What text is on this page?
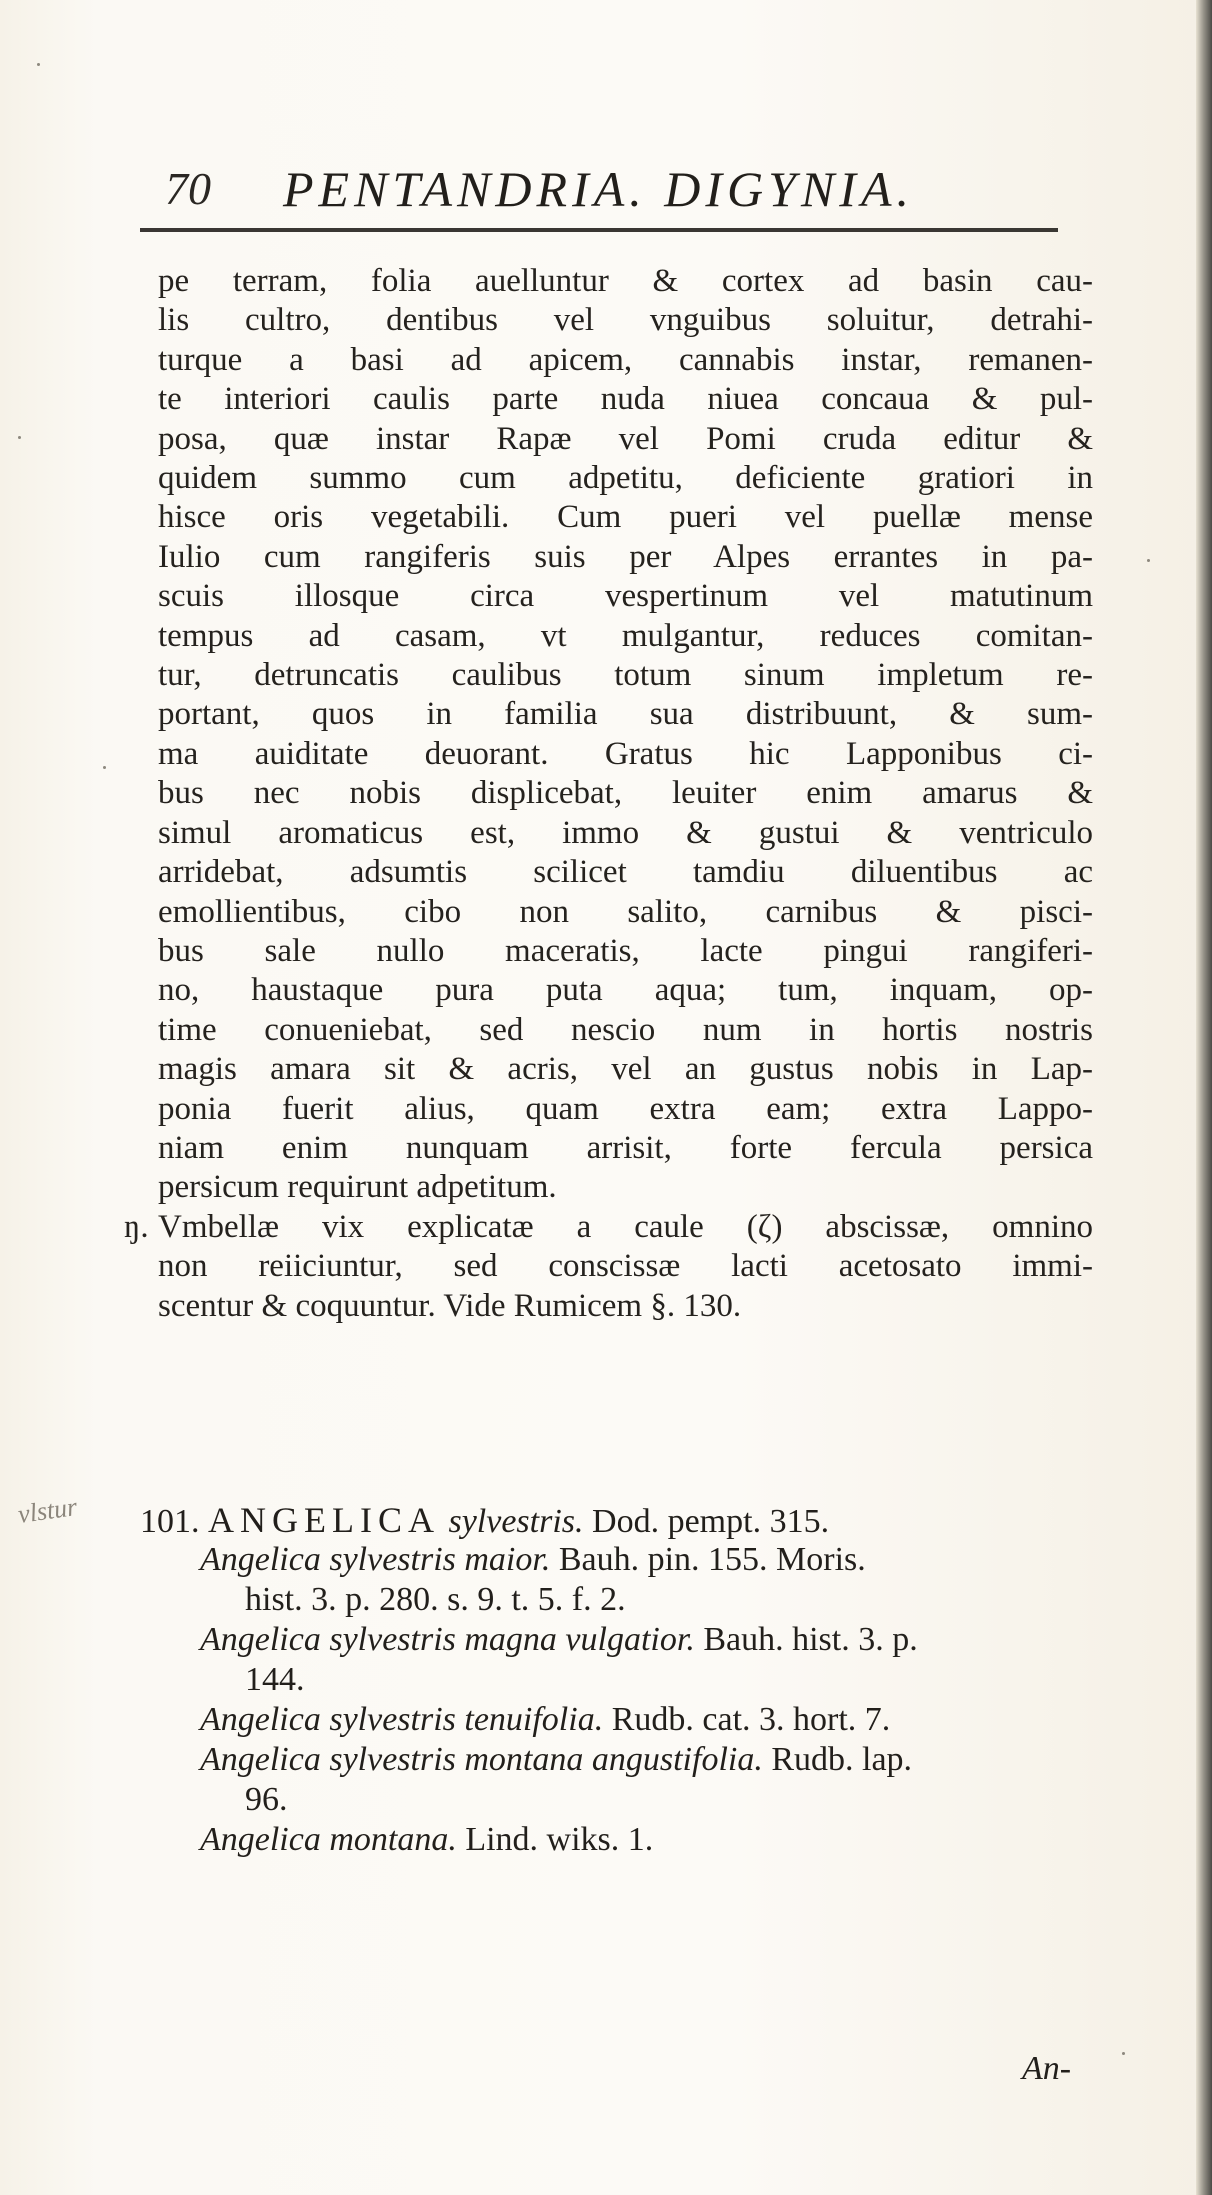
70 PENTANDRIA. DIGYNIA.
pe terram, folia auelluntur & cortex ad basin cau-
lis cultro, dentibus vel vnguibus soluitur, detrahi-
turque a basi ad apicem, cannabis instar, remanen-
te interiori caulis parte nuda niuea concaua & pul-
posa, quæ instar Rapæ vel Pomi cruda editur &
quidem summo cum adpetitu, deficiente gratiori in
hisce oris vegetabili. Cum pueri vel puellæ mense
Iulio cum rangiferis suis per Alpes errantes in pa-
scuis illosque circa vespertinum vel matutinum
tempus ad casam, vt mulgantur, reduces comitan-
tur, detruncatis caulibus totum sinum impletum re-
portant, quos in familia sua distribuunt, & sum-
ma auiditate deuorant. Gratus hic Lapponibus ci-
bus nec nobis displicebat, leuiter enim amarus &
simul aromaticus est, immo & gustui & ventriculo
arridebat, adsumtis scilicet tamdiu diluentibus ac
emollientibus, cibo non salito, carnibus & pisci-
bus sale nullo maceratis, lacte pingui rangiferi-
no, haustaque pura puta aqua; tum, inquam, op-
time conueniebat, sed nescio num in hortis nostris
magis amara sit & acris, vel an gustus nobis in Lap-
ponia fuerit alius, quam extra eam; extra Lappo-
niam enim nunquam arrisit, forte fercula persica
persicum requirunt adpetitum.
ŋ. Vmbellæ vix explicatæ a caule (ζ) abscissæ, omnino
non reiiciuntur, sed conscissæ lacti acetosato immi-
scentur & coquuntur. Vide Rumicem §. 130.
vlstur 101. ANGELICA sylvestris. Dod. pempt. 315.
Angelica sylvestris maior. Bauh. pin. 155. Moris.
hist. 3. p. 280. s. 9. t. 5. f. 2.
Angelica sylvestris magna vulgatior. Bauh. hist. 3. p.
144.
Angelica sylvestris tenuifolia. Rudb. cat. 3. hort. 7.
Angelica sylvestris montana angustifolia. Rudb. lap.
96.
Angelica montana. Lind. wiks. 1.
An-
